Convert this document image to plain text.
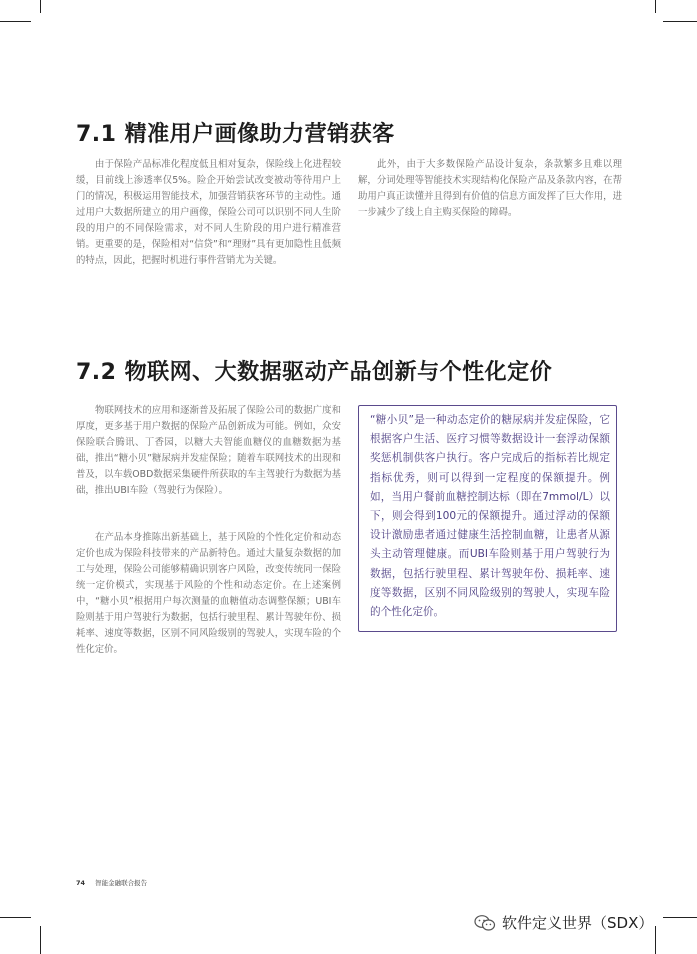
7.1 精准用户画像助力营销获客

由于保险产品标准化程度低且相对复杂，保险线上化进程较缓，目前线上渗透率仅5%。险企开始尝试改变被动等待用户上门的情况，积极运用智能技术，加强营销获客环节的主动性。通过用户大数据所建立的用户画像，保险公司可以识别不同人生阶段的用户的不同保险需求，对不同人生阶段的用户进行精准营销。更重要的是，保险相对“信贷”和“理财”具有更加隐性且低频的特点，因此，把握时机进行事件营销尤为关键。

此外，由于大多数保险产品设计复杂，条款繁多且难以理解，分词处理等智能技术实现结构化保险产品及条款内容，在帮助用户真正读懂并且得到有价值的信息方面发挥了巨大作用，进一步减少了线上自主购买保险的障碍。

7.2 物联网、大数据驱动产品创新与个性化定价

物联网技术的应用和逐渐普及拓展了保险公司的数据广度和厚度，更多基于用户数据的保险产品创新成为可能。例如，众安保险联合腾讯、丁香园，以糖大夫智能血糖仪的血糖数据为基础，推出“糖小贝”糖尿病并发症保险；随着车联网技术的出现和普及，以车载OBD数据采集硬件所获取的车主驾驶行为数据为基础，推出UBI车险（驾驶行为保险）。

在产品本身推陈出新基础上，基于风险的个性化定价和动态定价也成为保险科技带来的产品新特色。通过大量复杂数据的加工与处理，保险公司能够精确识别客户风险，改变传统同一保险统一定价模式，实现基于风险的个性和动态定价。在上述案例中，“糖小贝”根据用户每次测量的血糖值动态调整保额；UBI车险则基于用户驾驶行为数据，包括行驶里程、累计驾驶年份、损耗率、速度等数据，区别不同风险级别的驾驶人，实现车险的个性化定价。

“糖小贝”是一种动态定价的糖尿病并发症保险，它根据客户生活、医疗习惯等数据设计一套浮动保额奖惩机制供客户执行。客户完成后的指标若比规定指标优秀，则可以得到一定程度的保额提升。例如，当用户餐前血糖控制达标（即在7mmol/L）以下，则会得到100元的保额提升。通过浮动的保额设计激励患者通过健康生活控制血糖，让患者从源头主动管理健康。而UBI车险则基于用户驾驶行为数据，包括行驶里程、累计驾驶年份、损耗率、速度等数据，区别不同风险级别的驾驶人，实现车险的个性化定价。

74 智能金融联合报告
软件定义世界（SDX）
